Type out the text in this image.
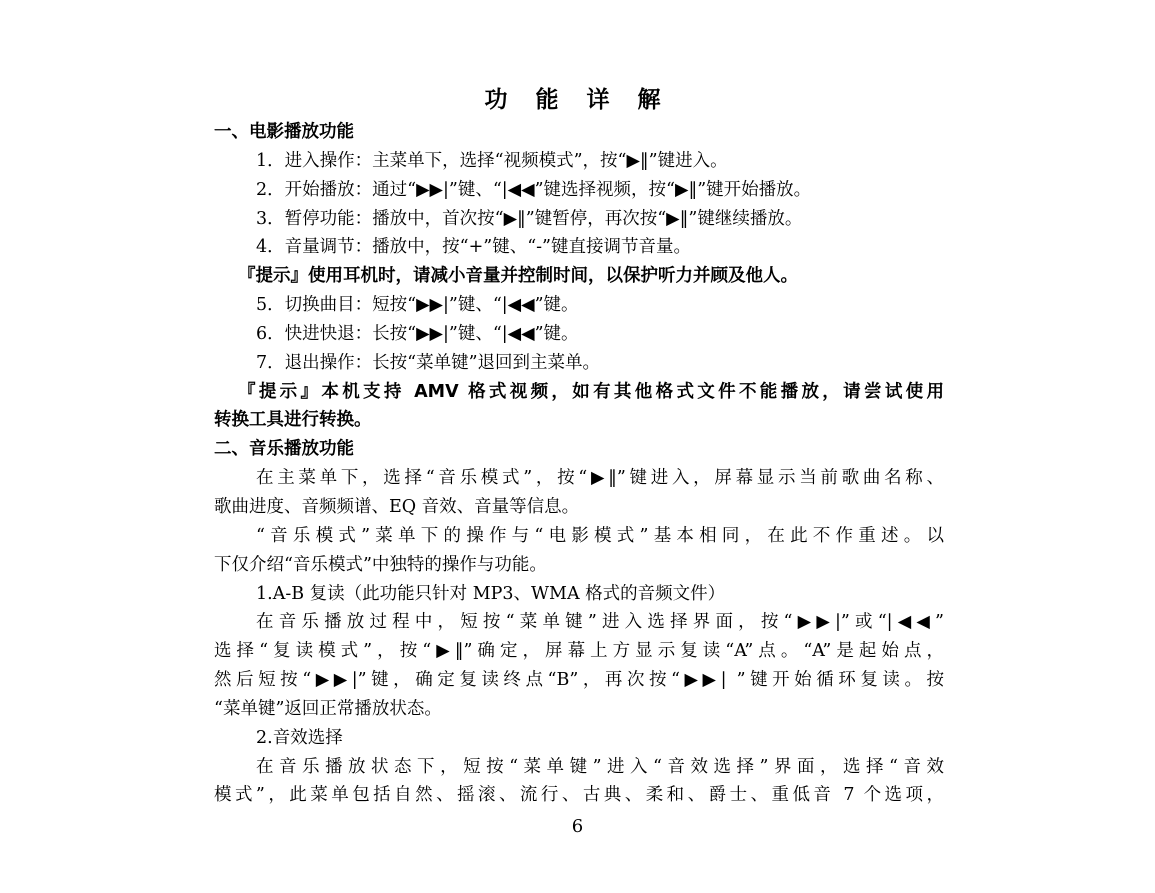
功 能 详 解
一、电影播放功能
1．进入操作：主菜单下，选择“视频模式”，按“▶‖”键进入。
2．开始播放：通过“▶▶|”键、“|◀◀”键选择视频，按“▶‖”键开始播放。
3．暂停功能：播放中，首次按“▶‖”键暂停，再次按“▶‖”键继续播放。
4．音量调节：播放中，按“+”键、“-”键直接调节音量。
『提示』使用耳机时，请减小音量并控制时间，以保护听力并顾及他人。
5．切换曲目：短按“▶▶|”键、“|◀◀”键。
6．快进快退：长按“▶▶|”键、“|◀◀”键。
7．退出操作：长按“菜单键”退回到主菜单。
『提示』本机支持 AMV 格式视频，如有其他格式文件不能播放，请尝试使用
转换工具进行转换。
二、音乐播放功能
在主菜单下，选择“音乐模式”，按“▶‖”键进入，屏幕显示当前歌曲名称、
歌曲进度、音频频谱、EQ 音效、音量等信息。
“音乐模式”菜单下的操作与“电影模式”基本相同，在此不作重述。以
下仅介绍“音乐模式”中独特的操作与功能。
1.A-B 复读（此功能只针对 MP3、WMA 格式的音频文件）
在音乐播放过程中，短按“菜单键”进入选择界面，按“▶▶|”或“|◀◀”
选择“复读模式”，按“▶‖”确定，屏幕上方显示复读“A”点。“A”是起始点，
然后短按“▶▶|”键，确定复读终点“B”，再次按“▶▶| ”键开始循环复读。按
“菜单键”返回正常播放状态。
2.音效选择
在音乐播放状态下，短按“菜单键”进入“音效选择”界面，选择“音效
模式”，此菜单包括自然、摇滚、流行、古典、柔和、爵士、重低音 7 个选项，
6
